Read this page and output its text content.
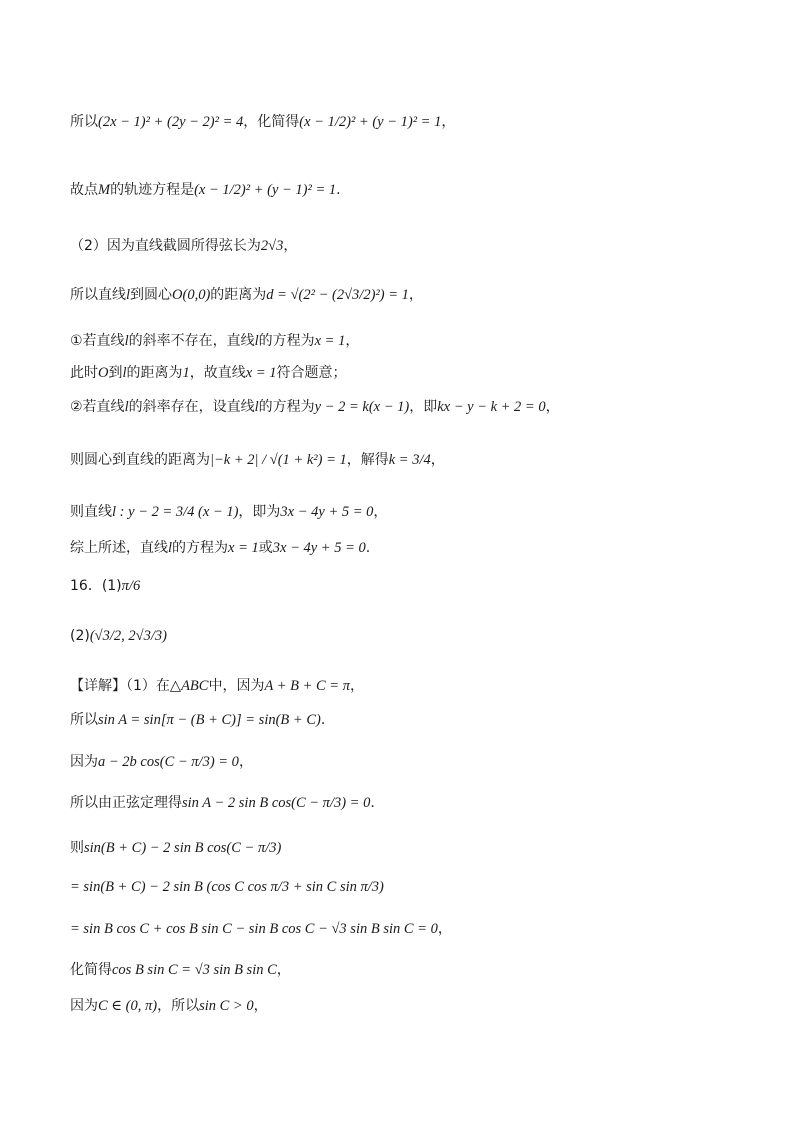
所以(2x − 1)² + (2y − 2)² = 4，化简得(x − 1/2)² + (y − 1)² = 1，
故点M的轨迹方程是(x − 1/2)² + (y − 1)² = 1.
（2）因为直线截圆所得弦长为2√3，
所以直线l到圆心O(0,0)的距离为d = √(2² − (2√3/2)²) = 1，
①若直线l的斜率不存在，直线l的方程为x = 1，
此时O到l的距离为1，故直线x = 1符合题意；
②若直线l的斜率存在，设直线l的方程为y − 2 = k(x − 1)，即kx − y − k + 2 = 0，
则圆心到直线的距离为|−k + 2| / √(1 + k²) = 1，解得k = 3/4，
则直线l : y − 2 = 3/4 (x − 1)，即为3x − 4y + 5 = 0，
综上所述，直线l的方程为x = 1或3x − 4y + 5 = 0.
16．(1)π/6
(2)(√3/2, 2√3/3)
【详解】（1）在△ABC中，因为A + B + C = π，
所以sin A = sin[π − (B + C)] = sin(B + C).
因为a − 2b cos(C − π/3) = 0，
所以由正弦定理得sin A − 2 sin B cos(C − π/3) = 0.
则sin(B + C) − 2 sin B cos(C − π/3)
= sin(B + C) − 2 sin B (cos C cos π/3 + sin C sin π/3)
= sin B cos C + cos B sin C − sin B cos C − √3 sin B sin C = 0，
化简得cos B sin C = √3 sin B sin C，
因为C ∈ (0, π)，所以sin C > 0，
